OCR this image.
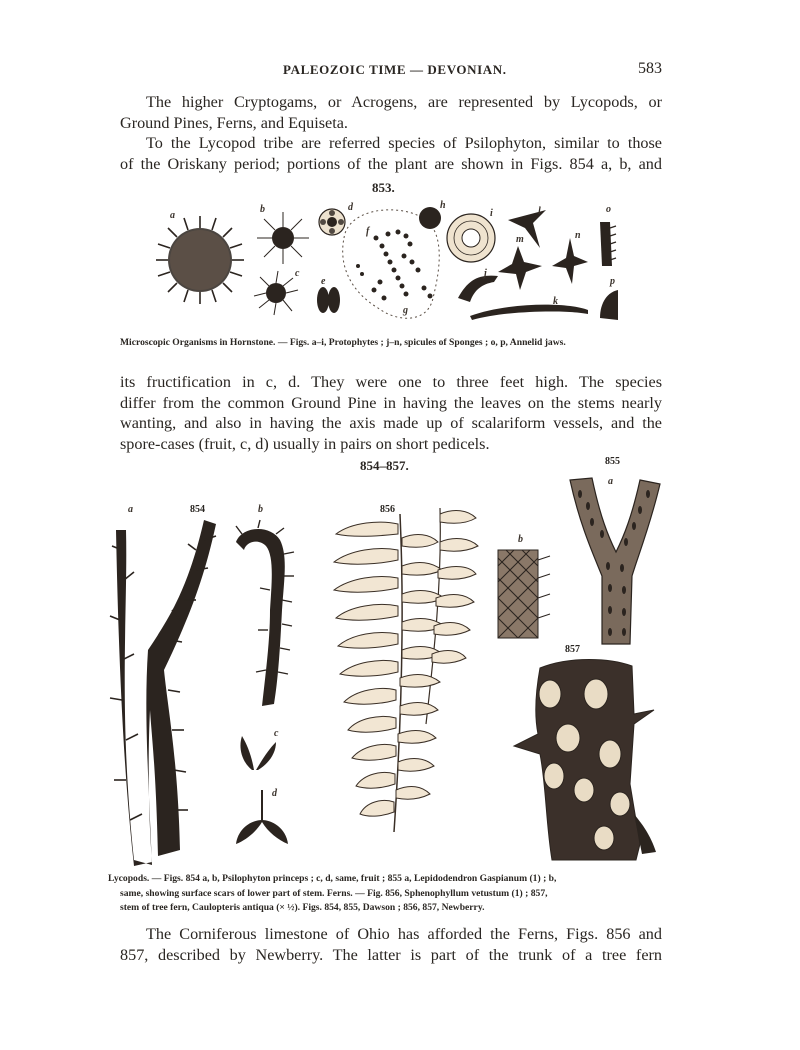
PALEOZOIC TIME — DEVONIAN.	583
The higher Cryptogams, or Acrogens, are represented by Lycopods, or
Ground Pines, Ferns, and Equiseta.
To the Lycopod tribe are referred species of Psilophyton, similar to those
of the Oriskany period; portions of the plant are shown in Figs. 854 a, b, and
853.
a
b
c
d
e
f
g
h
i
j
k
l
m	n
o
p
Microscopic Organisms in Hornstone. — Figs. a–i, Protophytes ; j–n, spicules of Sponges ; o, p, Annelid jaws.
its fructification in c, d. They were one to three feet high. The species
differ from the common Ground Pine in having the leaves on the stems nearly
wanting, and also in having the axis made up of scalariform vessels, and the
spore-cases (fruit, c, d) usually in pairs on short pedicels.
854–857.
854	856
855
857
a	b
c
d
a
b
Lycopods. — Figs. 854 a, b, Psilophyton princeps ; c, d, same, fruit ; 855 a, Lepidodendron Gaspianum (1) ; b,
same, showing surface scars of lower part of stem. Ferns. — Fig. 856, Sphenophyllum vetustum (1) ; 857,
stem of tree fern, Caulopteris antiqua (× ½). Figs. 854, 855, Dawson ; 856, 857, Newberry.
The Corniferous limestone of Ohio has afforded the Ferns, Figs. 856 and
857, described by Newberry. The latter is part of the trunk of a tree fern
